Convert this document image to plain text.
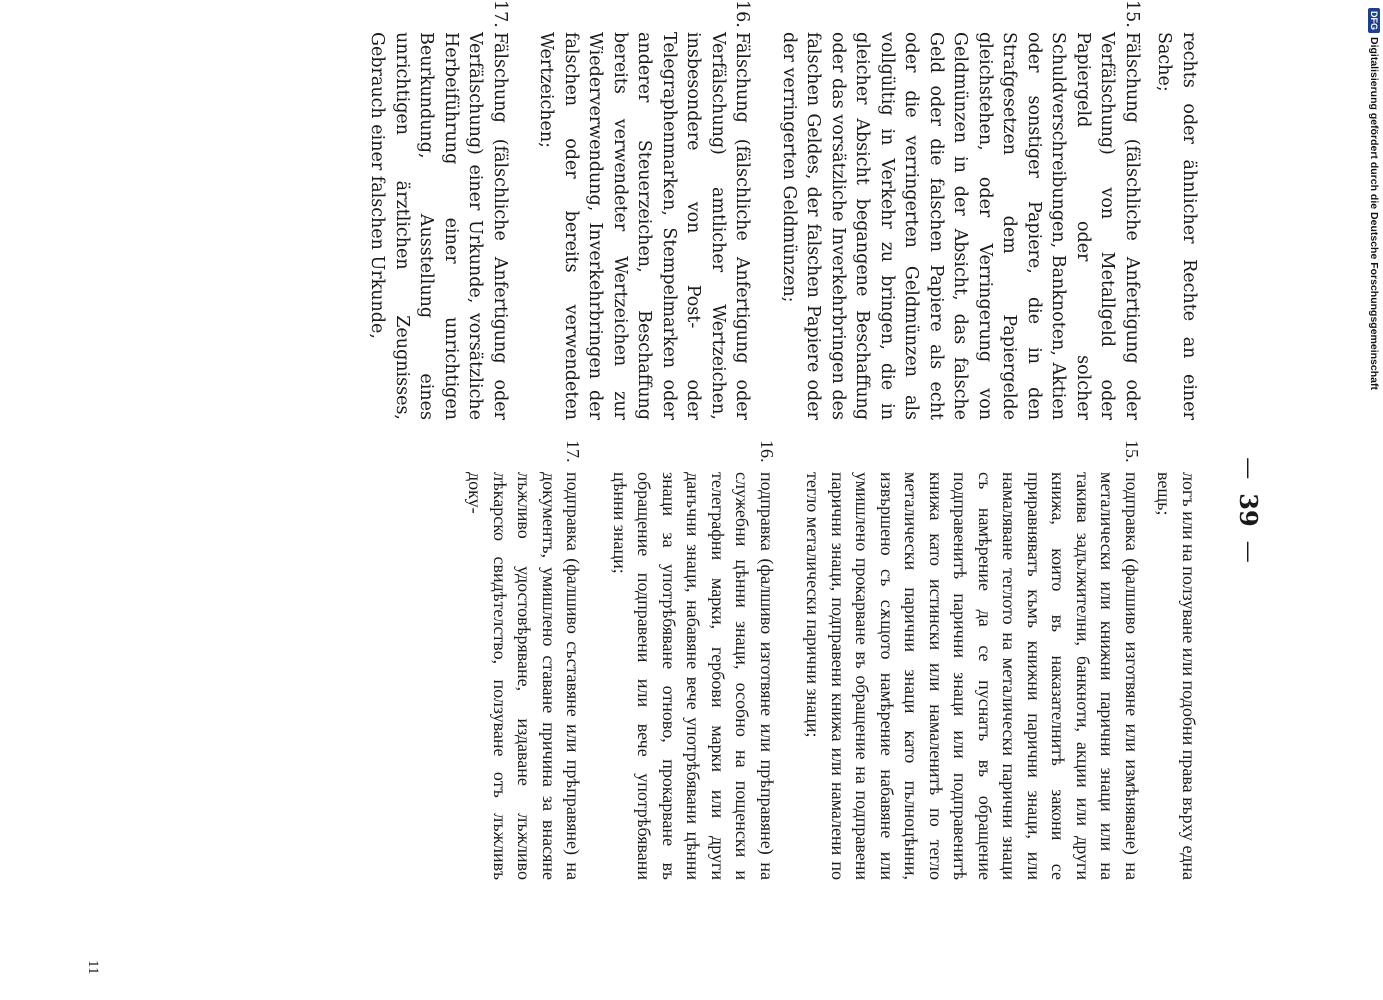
—
39
—
rechts oder ähnlicher Rechte an einer Sache;
15.
Fälschung (fälschliche Anfertigung oder Verfälschung) von Metallgeld oder Papiergeld oder solcher Schuldverschreibungen, Banknoten, Aktien oder sonstiger Papiere, die in den Strafgesetzen dem Papiergelde gleichstehen, oder Verringerung von Geldmünzen in der Absicht, das falsche Geld oder die falschen Papiere als echt oder die verringerten Geldmünzen als vollgültig in Verkehr zu bringen, die in gleicher Absicht begangene Beschaffung oder das vorsätzliche Inverkehrbringen des falschen Geldes, der falschen Papiere oder der verringerten Geldmünzen;
16.
Fälschung (fälschliche Anfertigung oder Verfälschung) amtlicher Wertzeichen, insbesondere von Post- oder Telegraphenmarken, Stempelmarken oder anderer Steuerzeichen, Beschaffung bereits verwendeter Wertzeichen zur Wiederverwendung, Inverkehrbringen der falschen oder bereits verwendeten Wertzeichen;
17.
Fälschung (fälschliche Anfertigung oder Verfälschung) einer Urkunde, vorsätzliche Herbeiführung einer unrichtigen Beurkundung, Ausstellung eines unrichtigen ärztlichen Zeugnisses, Gebrauch einer falschen Urkunde,
логъ или на ползуване или подобни права върху една вещь;
15.
подправка (фалшиво изготвяне или измѣняване) на металически или книжни парични знаци или на такива задължителни, банкноти, акции или други книжа, които въ наказателнитѣ закони се приравняватъ къмъ книжни парични знаци, или намаляване теглото на металически парични знаци съ намѣрение да се пуснатъ въ обращение подправенитѣ парични знаци или подправенитѣ книжа като истински или намаленитѣ по тегло металически парични знаци като пълноцѣнни, извършено съ сѫщото намѣрение набавяне или умишлено прокарване въ обращение на подправени парични знаци, подправени книжа или намалени по тегло металически парични знаци;
16.
подправка (фалшиво изготвяне или прѣправяне) на служебни цѣнни знаци, особно на пощенски и телеграфни марки, гербови марки или други данъчни знаци, набавяне вече употрѣбявани цѣнни знаци за употрѣбяване отново, прокарване въ обращение подправени или вече употрѣбявани цѣнни знаци;
17.
подправка (фалшиво съставяне или прѣправяне) на документъ, умишлено ставане причина за внасяне лъжливо удостовѣряване, издаване лъжливо лѣкарско свидѣтелство, ползуване отъ лъжливъ доку-
11
DFG
Digitalisierung gefördert durch die Deutsche Forschungsgemeinschaft
